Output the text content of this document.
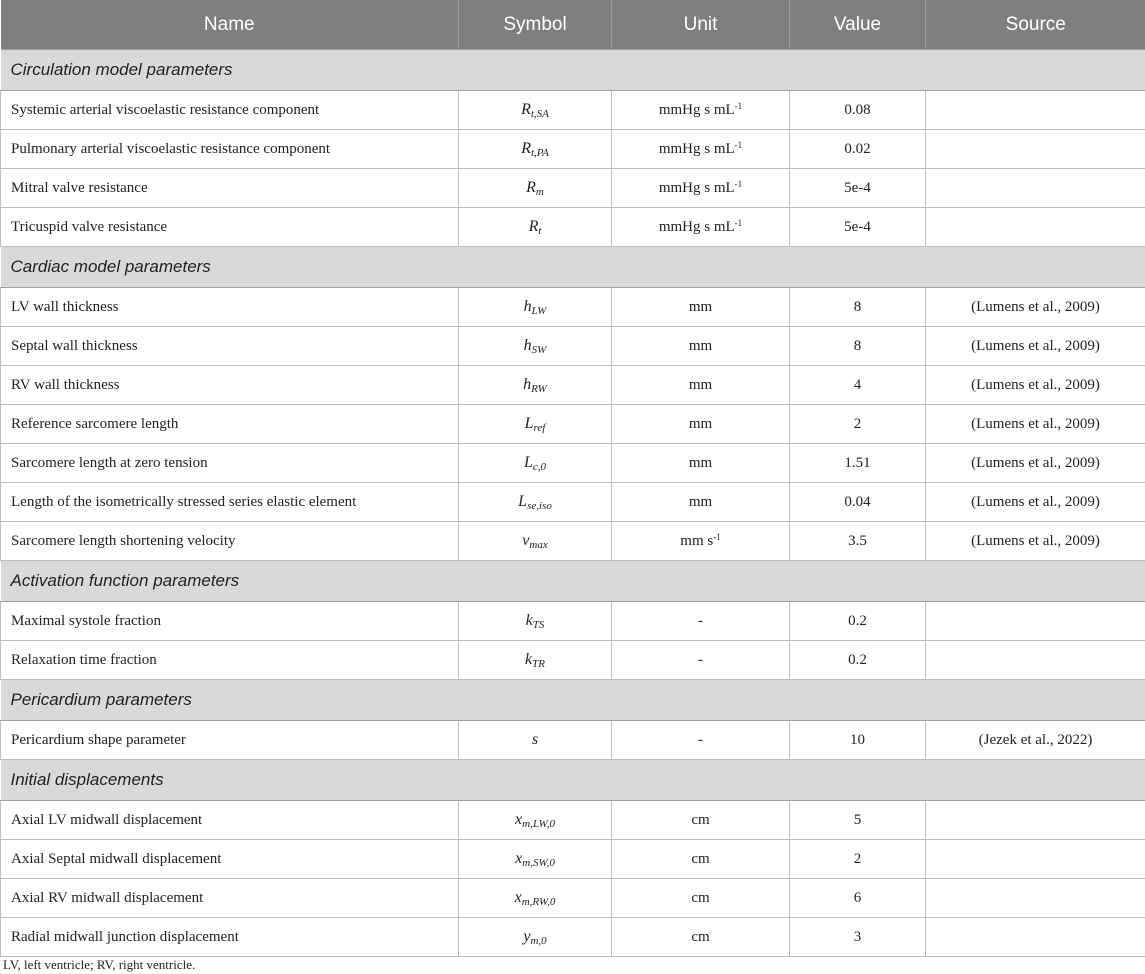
Name	Symbol	Unit	Value	Source
Circulation model parameters				
Systemic arterial viscoelastic resistance component	$R_{t,SA}$	mmHg s $mL^{-1}$	0.08	
Pulmonary arterial viscoelastic resistance component	$R_{t,PA}$	mmHg s $mL^{-1}$	0.02	
Mitral valve resistance	$R_m$	mmHg s $mL^{-1}$	5e-4	
Tricuspid valve resistance	$R_t$	mmHg s $mL^{-1}$	5e-4	
Cardiac model parameters				
LV wall thickness	$h_{LW}$	mm	8	(Lumens et al., 2009)
Septal wall thickness	$h_{SW}$	mm	8	(Lumens et al., 2009)
RV wall thickness	$h_{RW}$	mm	4	(Lumens et al., 2009)
Reference sarcomere length	$L_{ref}$	mm	2	(Lumens et al., 2009)
Sarcomere length at zero tension	$L_{c,0}$	mm	1.51	(Lumens et al., 2009)
Length of the isometrically stressed series elastic element	$L_{se,iso}$	mm	0.04	(Lumens et al., 2009)
Sarcomere length shortening velocity	$v_{max}$	mm $s^{-1}$	3.5	(Lumens et al., 2009)
Activation function parameters				
Maximal systole fraction	$k_{TS}$	-	0.2	
Relaxation time fraction	$k_{TR}$	-	0.2	
Pericardium parameters				
Pericardium shape parameter	s	-	10	(Jezek et al., 2022)
Initial displacements				
Axial LV midwall displacement	$x_{m,LW,0}$	cm	5	
Axial Septal midwall displacement	$x_{m,SW,0}$	cm	2	
Axial RV midwall displacement	$x_{m,RW,0}$	cm	6	
Radial midwall junction displacement	$y_{m,0}$	cm	3	
LV, left ventricle; RV, right ventricle.
